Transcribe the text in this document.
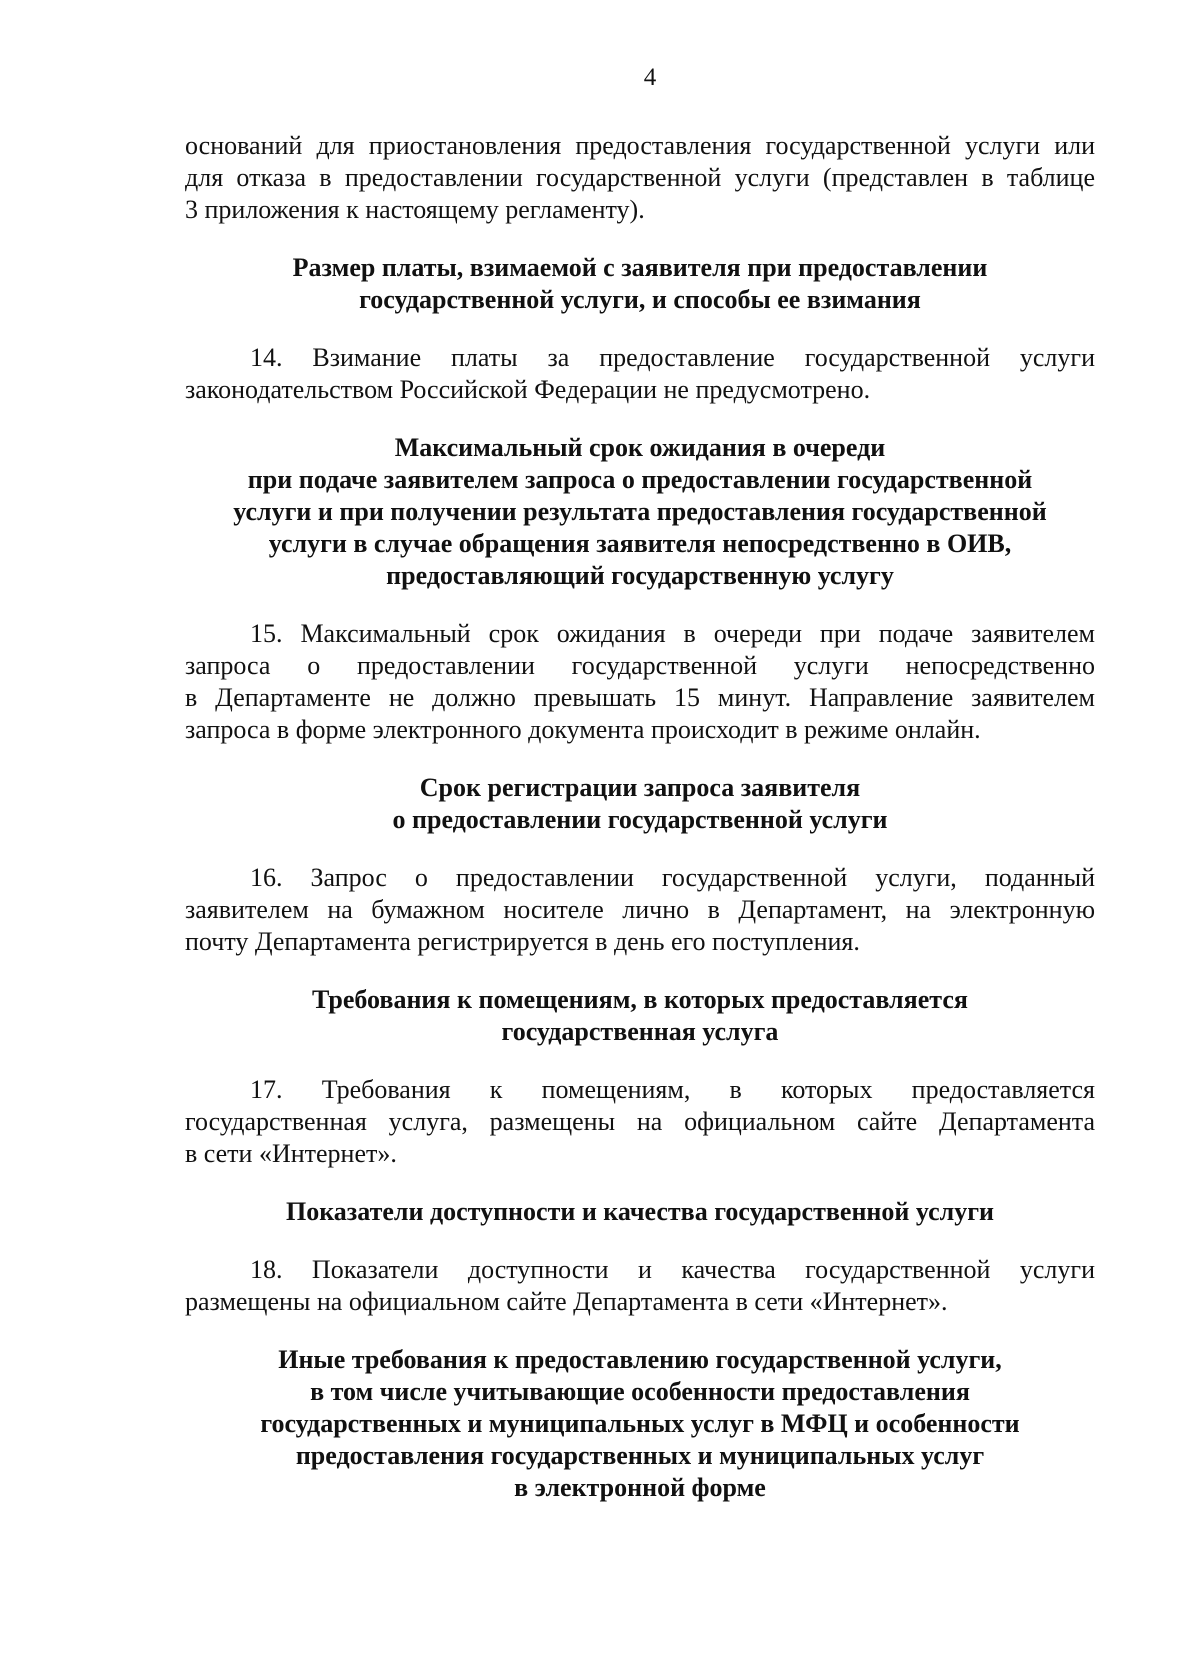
4
оснований для приостановления предоставления государственной услуги или
для отказа в предоставлении государственной услуги (представлен в таблице
3 приложения к настоящему регламенту).
Размер платы, взимаемой с заявителя при предоставлении
государственной услуги, и способы ее взимания
14. Взимание платы за предоставление государственной услуги
законодательством Российской Федерации не предусмотрено.
Максимальный срок ожидания в очереди
при подаче заявителем запроса о предоставлении государственной
услуги и при получении результата предоставления государственной
услуги в случае обращения заявителя непосредственно в ОИВ,
предоставляющий государственную услугу
15. Максимальный срок ожидания в очереди при подаче заявителем
запроса о предоставлении государственной услуги непосредственно
в Департаменте не должно превышать 15 минут. Направление заявителем
запроса в форме электронного документа происходит в режиме онлайн.
Срок регистрации запроса заявителя
о предоставлении государственной услуги
16. Запрос о предоставлении государственной услуги, поданный
заявителем на бумажном носителе лично в Департамент, на электронную
почту Департамента регистрируется в день его поступления.
Требования к помещениям, в которых предоставляется
государственная услуга
17. Требования к помещениям, в которых предоставляется
государственная услуга, размещены на официальном сайте Департамента
в сети «Интернет».
Показатели доступности и качества государственной услуги
18. Показатели доступности и качества государственной услуги
размещены на официальном сайте Департамента в сети «Интернет».
Иные требования к предоставлению государственной услуги,
в том числе учитывающие особенности предоставления
государственных и муниципальных услуг в МФЦ и особенности
предоставления государственных и муниципальных услуг
в электронной форме
